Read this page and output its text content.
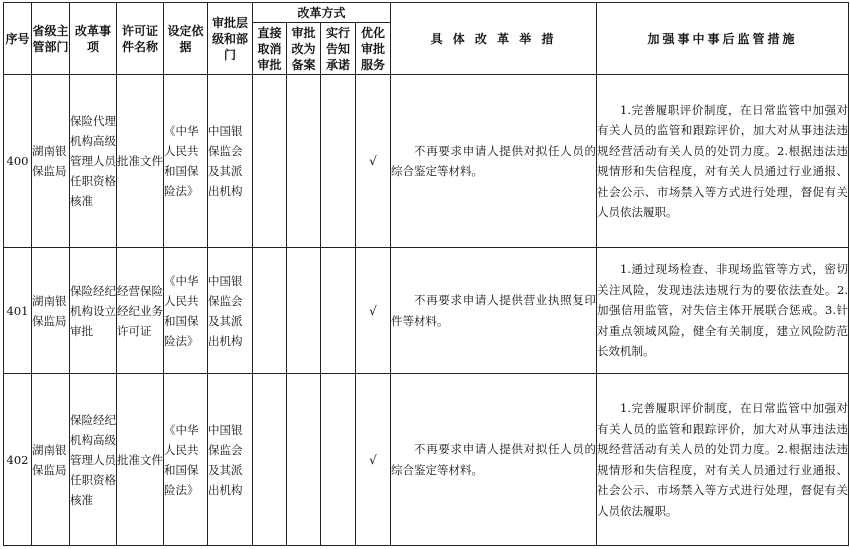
序号	省级主管部门	改革事项	许可证件名称	设定依据	审批层级和部门	改革方式				具 体 改 革 举 措	加强事中事后监管措施
						直接取消审批	审批改为备案	实行告知承诺	优化审批服务		
400	湖南银保监局	保险代理机构高级管理人员任职资格核准	批准文件	《中华人民共和国保险法》	中国银保监会及其派出机构				√	不再要求申请人提供对拟任人员的综合鉴定等材料。	1.完善履职评价制度，在日常监管中加强对有关人员的监管和跟踪评价，加大对从事违法违规经营活动有关人员的处罚力度。2.根据违法违规情形和失信程度，对有关人员通过行业通报、社会公示、市场禁入等方式进行处理，督促有关人员依法履职。

401	湖南银保监局	保险经纪机构设立审批	经营保险经纪业务许可证	《中华人民共和国保险法》	中国银保监会及其派出机构				√	不再要求申请人提供营业执照复印件等材料。	1.通过现场检查、非现场监管等方式，密切关注风险，发现违法违规行为的要依法查处。2.加强信用监管，对失信主体开展联合惩戒。3.针对重点领域风险，健全有关制度，建立风险防范长效机制。

402	湖南银保监局	保险经纪机构高级管理人员任职资格核准	批准文件	《中华人民共和国保险法》	中国银保监会及其派出机构				√	不再要求申请人提供对拟任人员的综合鉴定等材料。	1.完善履职评价制度，在日常监管中加强对有关人员的监管和跟踪评价，加大对从事违法违规经营活动有关人员的处罚力度。2.根据违法违规情形和失信程度，对有关人员通过行业通报、社会公示、市场禁入等方式进行处理，督促有关人员依法履职。
